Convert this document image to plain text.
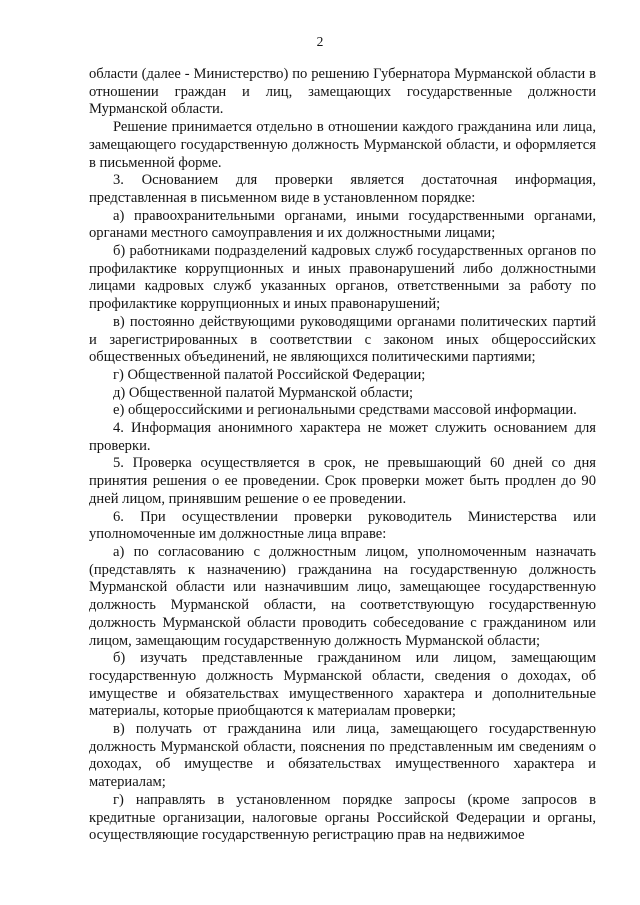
2

области (далее - Министерство) по решению Губернатора Мурманской области в отношении граждан и лиц, замещающих государственные должности Мурманской области.

Решение принимается отдельно в отношении каждого гражданина или лица, замещающего государственную должность Мурманской области, и оформляется в письменной форме.

3. Основанием для проверки является достаточная информация, представленная в письменном виде в установленном порядке:

а) правоохранительными органами, иными государственными органами, органами местного самоуправления и их должностными лицами;

б) работниками подразделений кадровых служб государственных органов по профилактике коррупционных и иных правонарушений либо должностными лицами кадровых служб указанных органов, ответственными за работу по профилактике коррупционных и иных правонарушений;

в) постоянно действующими руководящими органами политических партий и зарегистрированных в соответствии с законом иных общероссийских общественных объединений, не являющихся политическими партиями;

г) Общественной палатой Российской Федерации;

д) Общественной палатой Мурманской области;

е) общероссийскими и региональными средствами массовой информации.

4. Информация анонимного характера не может служить основанием для проверки.

5. Проверка осуществляется в срок, не превышающий 60 дней со дня принятия решения о ее проведении. Срок проверки может быть продлен до 90 дней лицом, принявшим решение о ее проведении.

6. При осуществлении проверки руководитель Министерства или уполномоченные им должностные лица вправе:

а) по согласованию с должностным лицом, уполномоченным назначать (представлять к назначению) гражданина на государственную должность Мурманской области или назначившим лицо, замещающее государственную должность Мурманской области, на соответствующую государственную должность Мурманской области проводить собеседование с гражданином или лицом, замещающим государственную должность Мурманской области;

б) изучать представленные гражданином или лицом, замещающим государственную должность Мурманской области, сведения о доходах, об имуществе и обязательствах имущественного характера и дополнительные материалы, которые приобщаются к материалам проверки;

в) получать от гражданина или лица, замещающего государственную должность Мурманской области, пояснения по представленным им сведениям о доходах, об имуществе и обязательствах имущественного характера и материалам;

г) направлять в установленном порядке запросы (кроме запросов в кредитные организации, налоговые органы Российской Федерации и органы, осуществляющие государственную регистрацию прав на недвижимое
